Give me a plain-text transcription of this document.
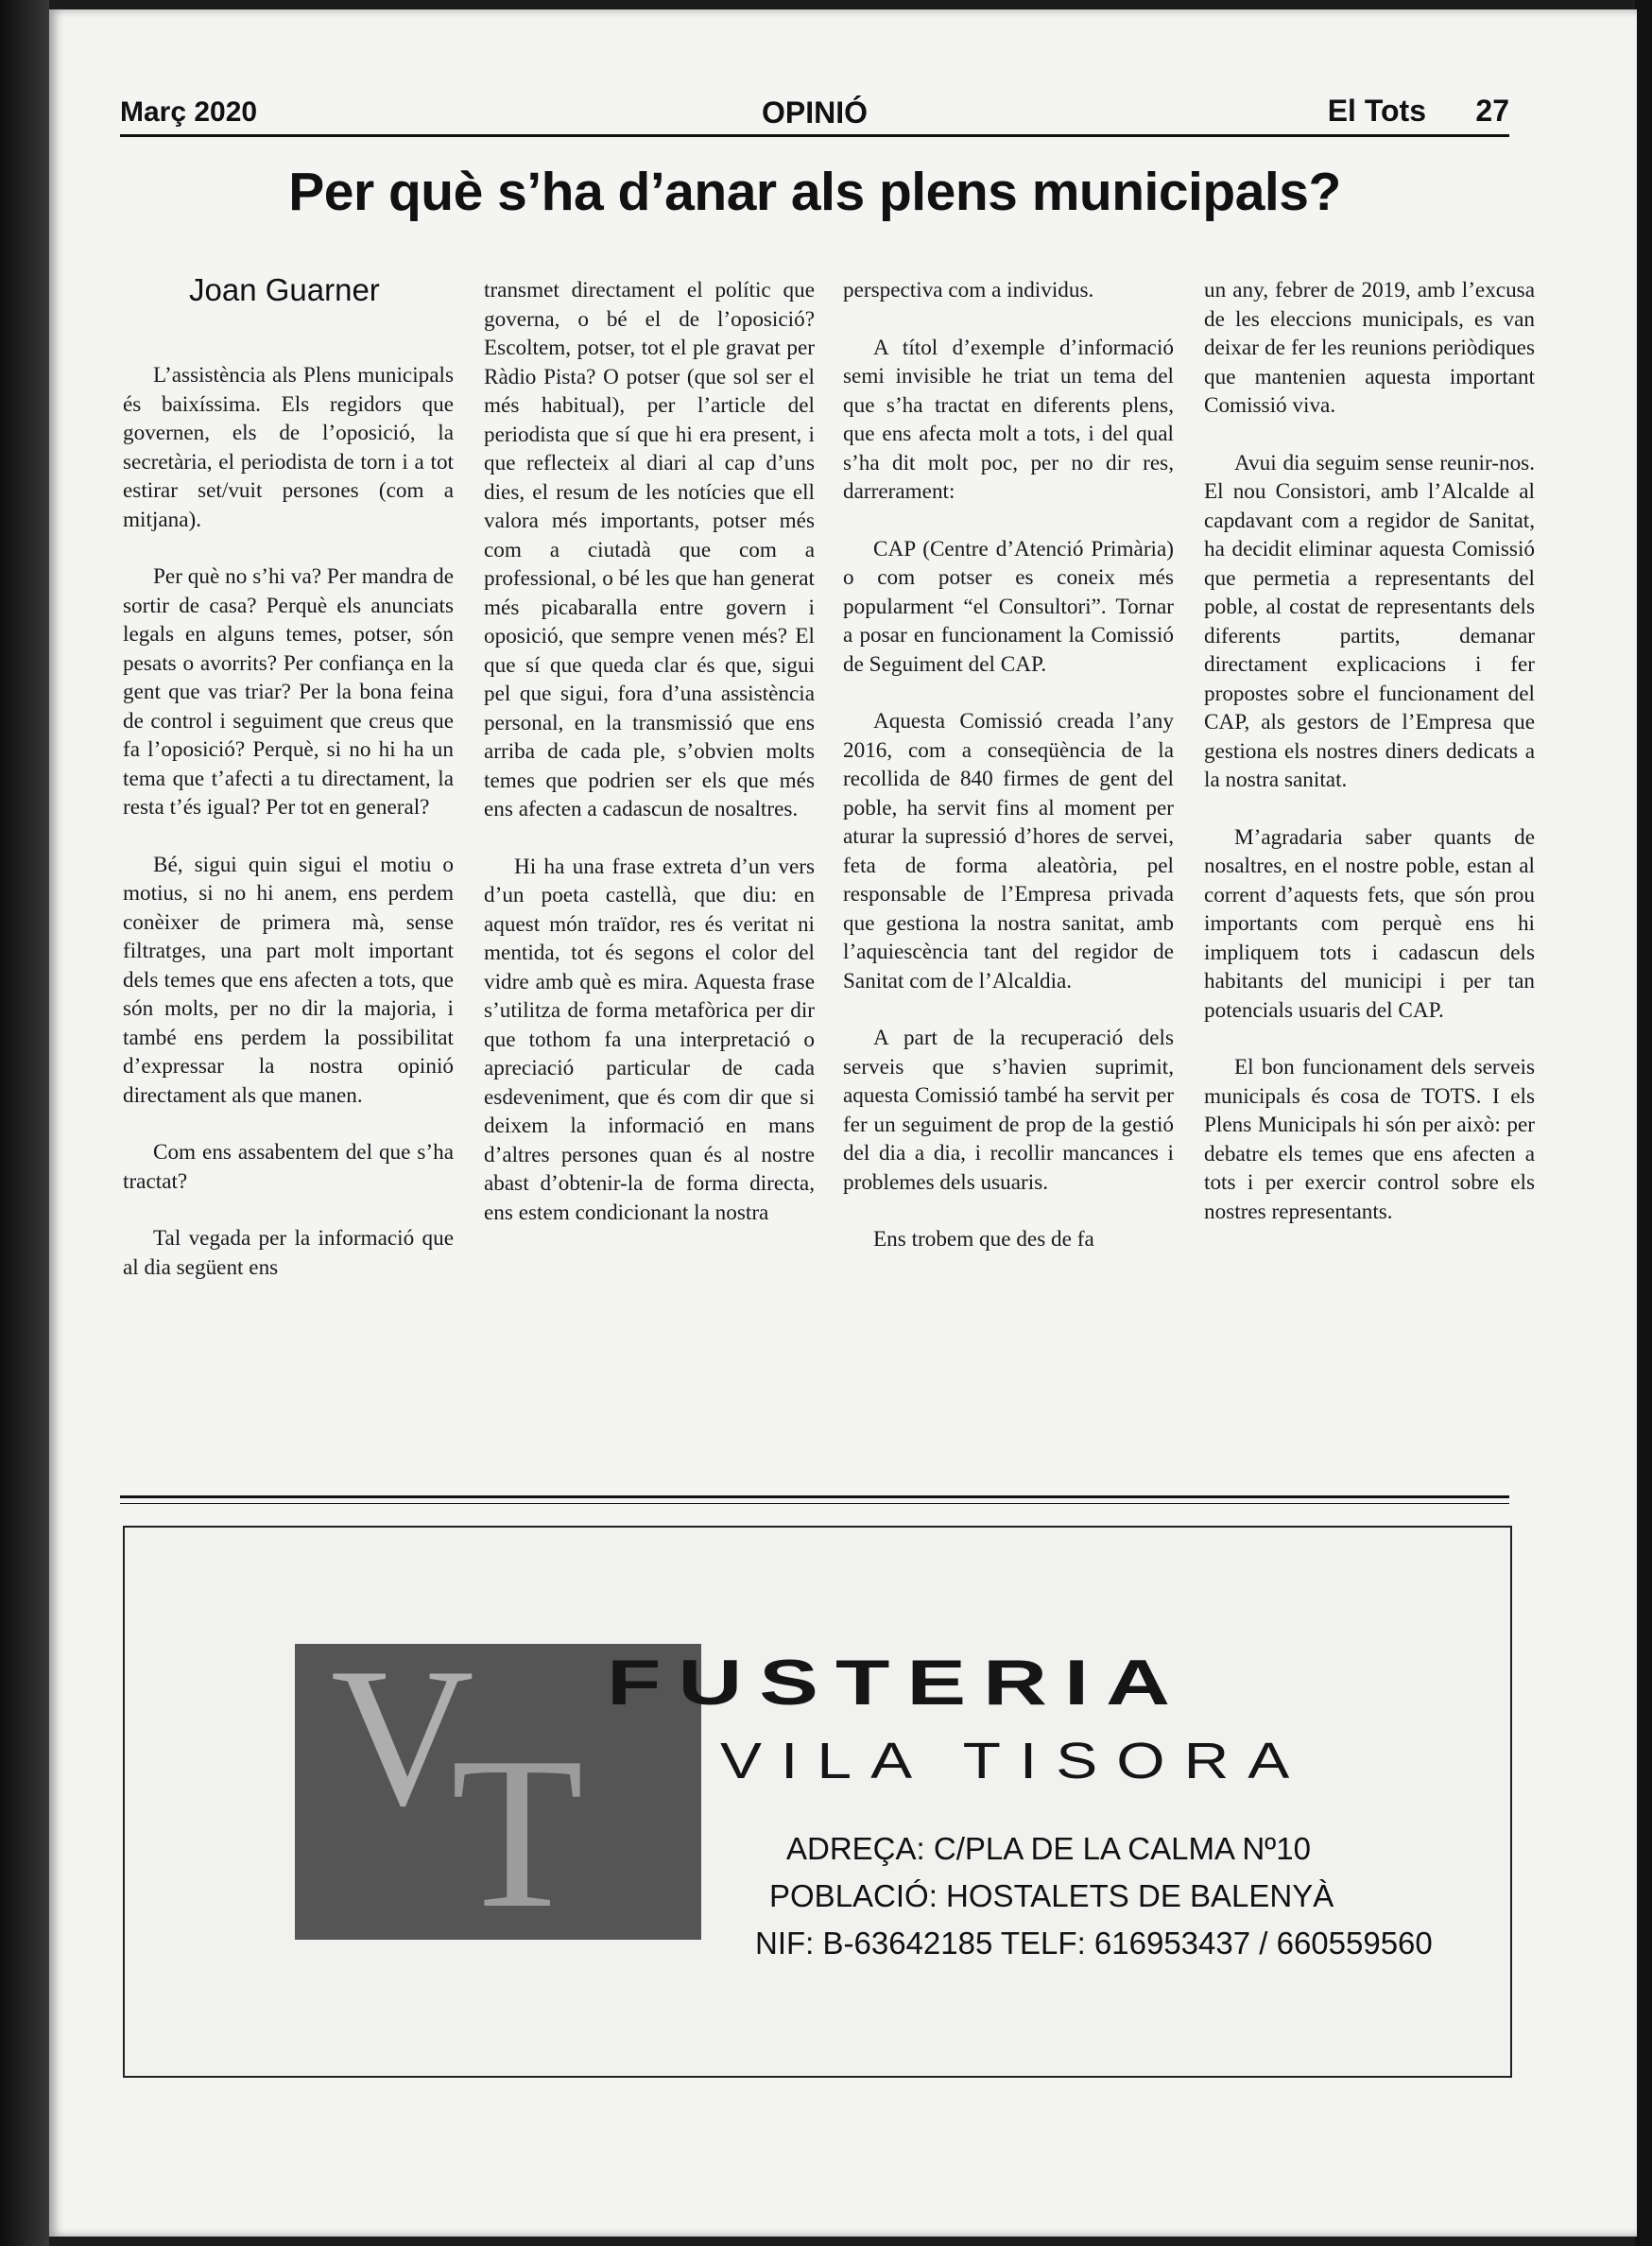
Març 2020	OPINIÓ	El Tots 27
Per què s’ha d’anar als plens municipals?
Joan Guarner

L’assistència als Plens municipals és baixíssima. Els regidors que governen, els de l’oposició, la secretària, el periodista de torn i a tot estirar set/vuit persones (com a mitjana).

Per què no s’hi va? Per mandra de sortir de casa? Perquè els anunciats legals en alguns temes, potser, són pesats o avorrits? Per confiança en la gent que vas triar? Per la bona feina de control i seguiment que creus que fa l’oposició? Perquè, si no hi ha un tema que t’afecti a tu directament, la resta t’és igual? Per tot en general?

Bé, sigui quin sigui el motiu o motius, si no hi anem, ens perdem conèixer de primera mà, sense filtratges, una part molt important dels temes que ens afecten a tots, que són molts, per no dir la majoria, i també ens perdem la possibilitat d’expressar la nostra opinió directament als que manen.

Com ens assabentem del que s’ha tractat?

Tal vegada per la informació que al dia següent ens

transmet directament el polític que governa, o bé el de l’oposició? Escoltem, potser, tot el ple gravat per Ràdio Pista? O potser (que sol ser el més habitual), per l’article del periodista que sí que hi era present, i que reflecteix al diari al cap d’uns dies, el resum de les notícies que ell valora més importants, potser més com a ciutadà que com a professional, o bé les que han generat més picabaralla entre govern i oposició, que sempre venen més? El que sí que queda clar és que, sigui pel que sigui, fora d’una assistència personal, en la transmissió que ens arriba de cada ple, s’obvien molts temes que podrien ser els que més ens afecten a cadascun de nosaltres.

Hi ha una frase extreta d’un vers d’un poeta castellà, que diu: en aquest món traïdor, res és veritat ni mentida, tot és segons el color del vidre amb què es mira. Aquesta frase s’utilitza de forma metafòrica per dir que tothom fa una interpretació o apreciació particular de cada esdeveniment, que és com dir que si deixem la informació en mans d’altres persones quan és al nostre abast d’obtenir-la de forma directa, ens estem condicionant la nostra

perspectiva com a individus.

A títol d’exemple d’informació semi invisible he triat un tema del que s’ha tractat en diferents plens, que ens afecta molt a tots, i del qual s’ha dit molt poc, per no dir res, darrerament:

CAP (Centre d’Atenció Primària) o com potser es coneix més popularment “el Consultori”. Tornar a posar en funcionament la Comissió de Seguiment del CAP.

Aquesta Comissió creada l’any 2016, com a conseqüència de la recollida de 840 firmes de gent del poble, ha servit fins al moment per aturar la supressió d’hores de servei, feta de forma aleatòria, pel responsable de l’Empresa privada que gestiona la nostra sanitat, amb l’aquiescència tant del regidor de Sanitat com de l’Alcaldia.

A part de la recuperació dels serveis que s’havien suprimit, aquesta Comissió també ha servit per fer un seguiment de prop de la gestió del dia a dia, i recollir mancances i problemes dels usuaris.

Ens trobem que des de fa

un any, febrer de 2019, amb l’excusa de les eleccions municipals, es van deixar de fer les reunions periòdiques que mantenien aquesta important Comissió viva.

Avui dia seguim sense reunir-nos. El nou Consistori, amb l’Alcalde al capdavant com a regidor de Sanitat, ha decidit eliminar aquesta Comissió que permetia a representants del poble, al costat de representants dels diferents partits, demanar directament explicacions i fer propostes sobre el funcionament del CAP, als gestors de l’Empresa que gestiona els nostres diners dedicats a la nostra sanitat.

M’agradaria saber quants de nosaltres, en el nostre poble, estan al corrent d’aquests fets, que són prou importants com perquè ens hi impliquem tots i cadascun dels habitants del municipi i per tan potencials usuaris del CAP.

El bon funcionament dels serveis municipals és cosa de TOTS. I els Plens Municipals hi són per això: per debatre els temes que ens afecten a tots i per exercir control sobre els nostres representants.

V
T
FUSTERIA
VILA TISORA
ADREÇA: C/PLA DE LA CALMA Nº10
POBLACIÓ: HOSTALETS DE BALENYÀ
NIF: B-63642185 TELF: 616953437 / 660559560
